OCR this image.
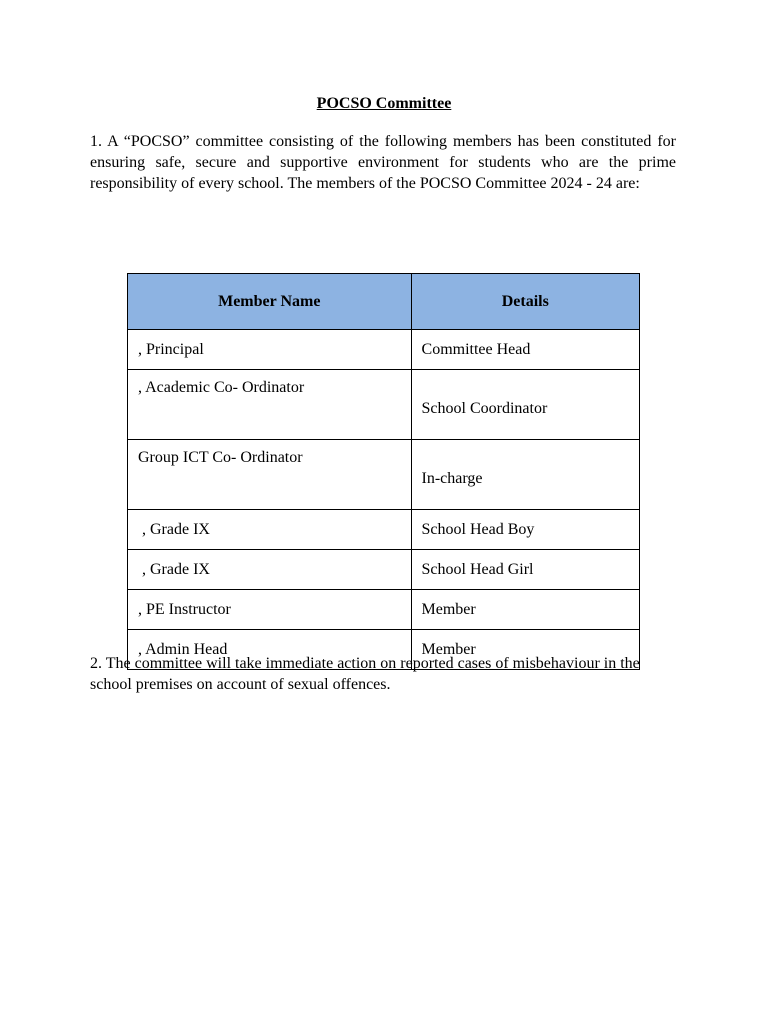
POCSO Committee
1. A “POCSO” committee consisting of the following members has been constituted for ensuring safe, secure and supportive environment for students who are the prime responsibility of every school. The members of the POCSO Committee 2024 - 24 are:
Member Name	Details
, Principal	Committee Head
, Academic Co- Ordinator	School Coordinator
Group ICT Co- Ordinator	In-charge
, Grade IX	School Head Boy
, Grade IX	School Head Girl
, PE Instructor	Member
, Admin Head	Member
2. The committee will take immediate action on reported cases of misbehaviour in the school premises on account of sexual offences.
